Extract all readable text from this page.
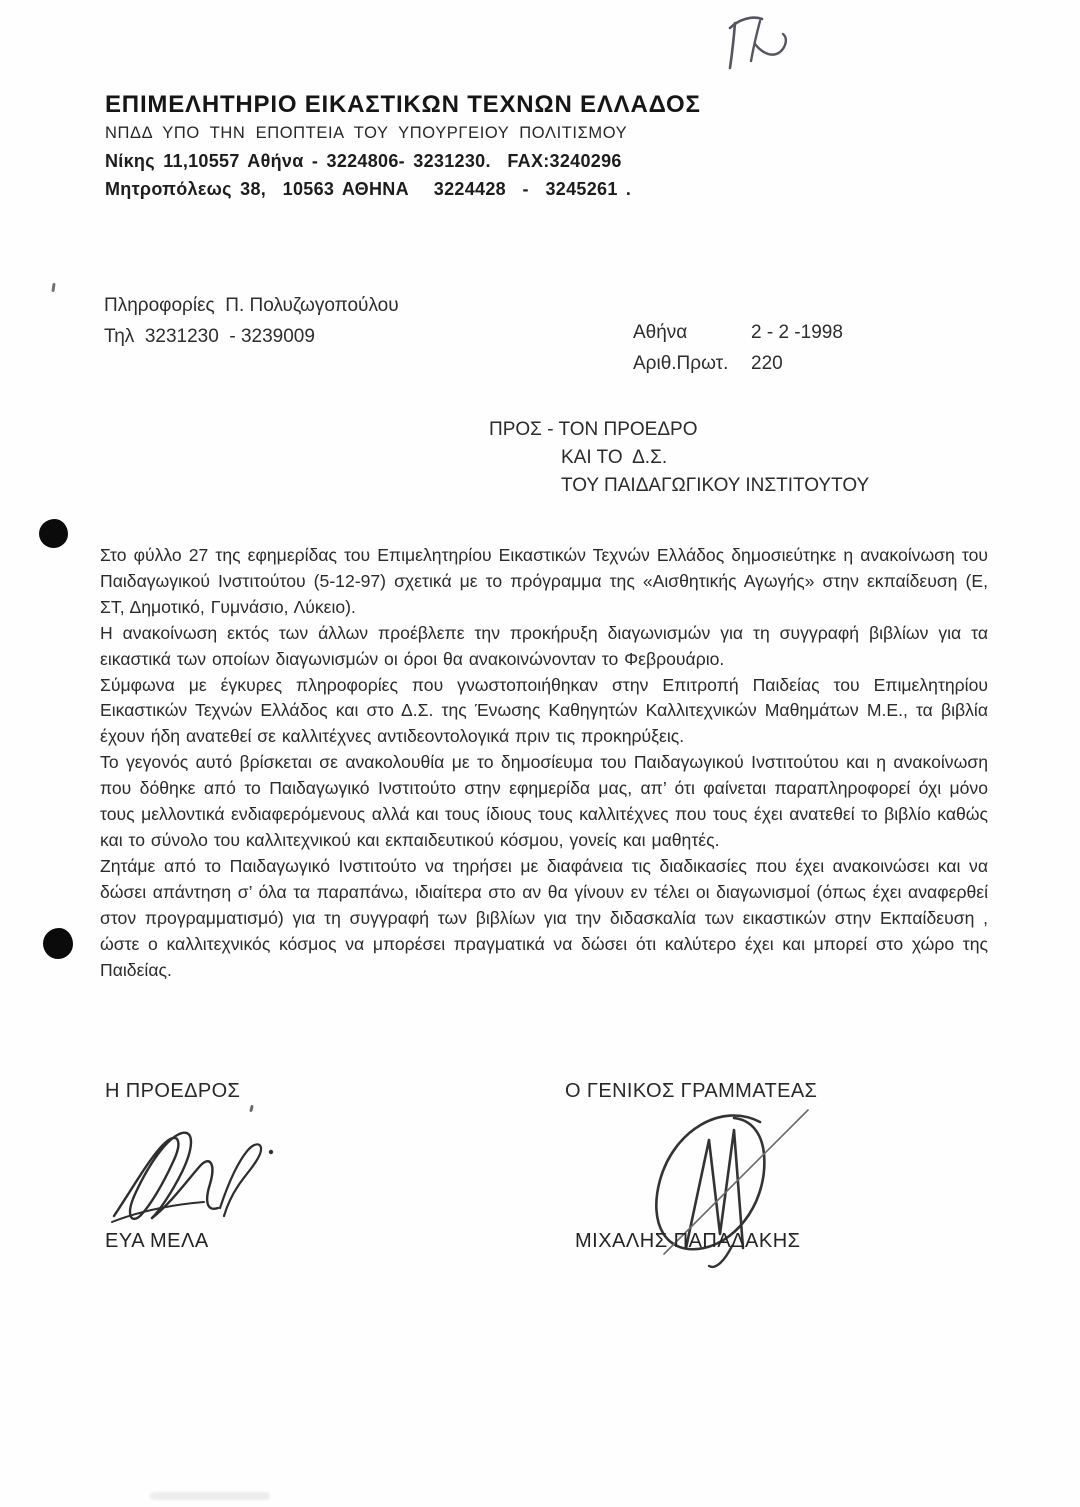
ΕΠΙΜΕΛΗΤΗΡΙΟ ΕΙΚΑΣΤΙΚΩΝ ΤΕΧΝΩΝ ΕΛΛΑΔΟΣ
ΝΠΔΔ ΥΠΟ ΤΗΝ ΕΠΟΠΤΕΙΑ ΤΟΥ ΥΠΟΥΡΓΕΙΟΥ ΠΟΛΙΤΙΣΜΟΥ
Νίκης 11,10557 Αθήνα - 3224806- 3231230.  FAX:3240296
Μητροπόλεως 38,  10563 ΑΘΗΝΑ   3224428  -  3245261 .
Πληροφορίες  Π. Πολυζωγοπούλου
Τηλ  3231230  - 3239009	Αθήνα	2 - 2 -1998
Αριθ.Πρωτ.	220
ΠΡΟΣ - ΤΟΝ ΠΡΟΕΔΡΟ
ΚΑΙ ΤΟ  Δ.Σ.
ΤΟΥ ΠΑΙΔΑΓΩΓΙΚΟΥ ΙΝΣΤΙΤΟΥΤΟΥ

Στο φύλλο 27 της εφημερίδας του Επιμελητηρίου Εικαστικών Τεχνών Ελλάδος δημοσιεύτηκε η ανακοίνωση του Παιδαγωγικού Ινστιτούτου (5-12-97) σχετικά με το πρόγραμμα της «Αισθητικής Αγωγής» στην εκπαίδευση (Ε, ΣΤ, Δημοτικό, Γυμνάσιο, Λύκειο).

Η ανακοίνωση εκτός των άλλων προέβλεπε την προκήρυξη διαγωνισμών για τη συγγραφή βιβλίων για τα εικαστικά των οποίων διαγωνισμών οι όροι θα ανακοινώνονταν το Φεβρουάριο.

Σύμφωνα με έγκυρες πληροφορίες που γνωστοποιήθηκαν στην Επιτροπή Παιδείας του Επιμελητηρίου Εικαστικών Τεχνών Ελλάδος και στο Δ.Σ. της Ένωσης Καθηγητών Καλλιτεχνικών Μαθημάτων Μ.Ε., τα βιβλία έχουν ήδη ανατεθεί σε καλλιτέχνες αντιδεοντολογικά πριν τις προκηρύξεις.

Το γεγονός αυτό βρίσκεται σε ανακολουθία με το δημοσίευμα του Παιδαγωγικού Ινστιτούτου και η ανακοίνωση που δόθηκε από το Παιδαγωγικό Ινστιτούτο στην εφημερίδα μας, απ’ ότι φαίνεται παραπληροφορεί όχι μόνο τους μελλοντικά ενδιαφερόμενους αλλά και τους ίδιους τους καλλιτέχνες που τους έχει ανατεθεί το βιβλίο καθώς και το σύνολο του καλλιτεχνικού και εκπαιδευτικού κόσμου, γονείς και μαθητές.

Ζητάμε από το Παιδαγωγικό Ινστιτούτο να τηρήσει με διαφάνεια τις διαδικασίες που έχει ανακοινώσει και να δώσει απάντηση σ’ όλα τα παραπάνω, ιδιαίτερα στο αν θα γίνουν εν τέλει οι διαγωνισμοί (όπως έχει αναφερθεί στον προγραμματισμό) για τη συγγραφή των βιβλίων για την διδασκαλία των εικαστικών στην Εκπαίδευση , ώστε ο καλλιτεχνικός κόσμος να μπορέσει πραγματικά να δώσει ότι καλύτερο έχει και μπορεί στο χώρο της Παιδείας.

Η ΠΡΟΕΔΡΟΣ	Ο ΓΕΝΙΚΟΣ ΓΡΑΜΜΑΤΕΑΣ
ΕΥΑ ΜΕΛΑ	ΜΙΧΑΛΗΣ ΠΑΠΑΔΑΚΗΣ
